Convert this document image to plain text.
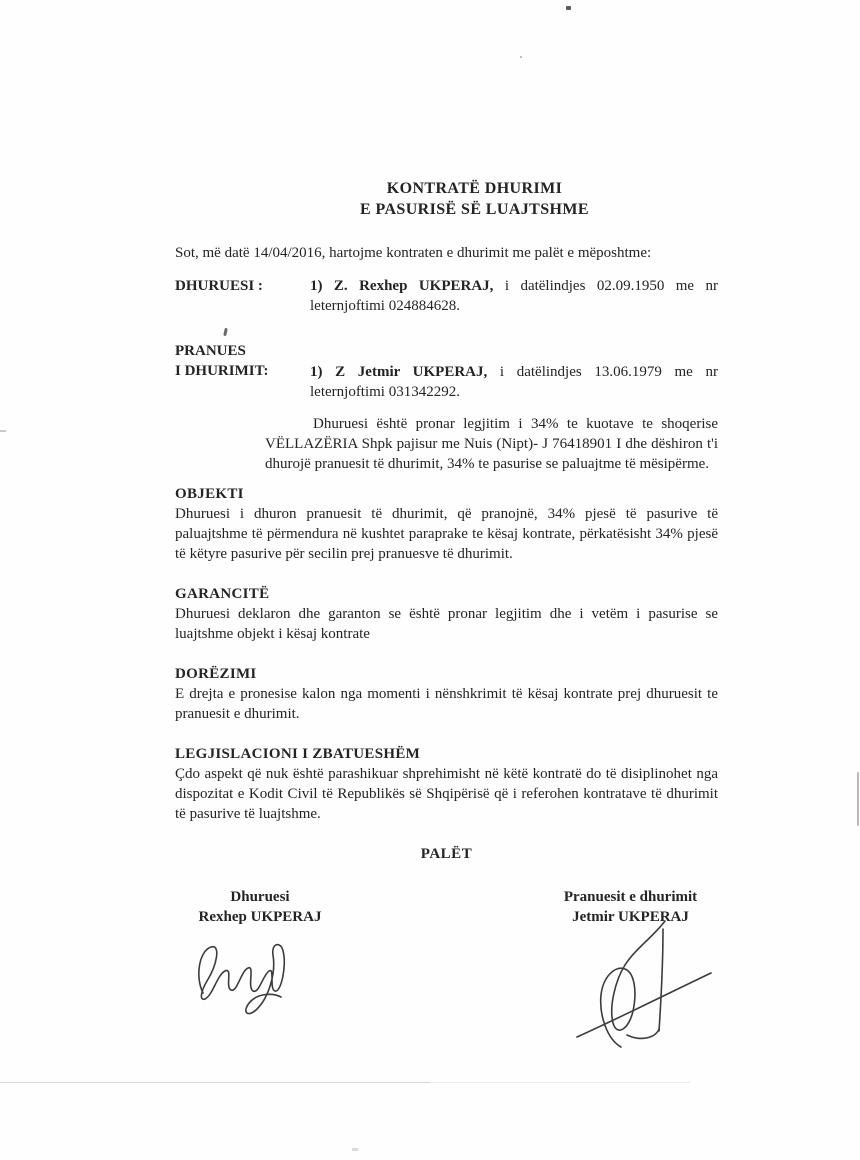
KONTRATË DHURIMI
E PASURISË SË LUAJTSHME

Sot, më datë 14/04/2016, hartojme kontraten e dhurimit me palët e mëposhtme:

DHURUESI :	1) Z. Rexhep UKPERAJ, i datëlindjes 02.09.1950 me nr leternjoftimi 024884628.
PRANUES
I DHURIMIT:	1) Z Jetmir UKPERAJ, i datëlindjes 13.06.1979 me nr leternjoftimi 031342292.

Dhuruesi është pronar legjitim i 34% te kuotave te shoqerise VËLLAZËRIA Shpk pajisur me Nuis (Nipt)- J 76418901 I dhe dëshiron t'i dhurojë pranuesit të dhurimit, 34% te pasurise se paluajtme të mësipërme.

OBJEKTI

Dhuruesi i dhuron pranuesit të dhurimit, që pranojnë, 34% pjesë të pasurive të paluajtshme të përmendura në kushtet paraprake te kësaj kontrate, përkatësisht 34% pjesë të këtyre pasurive për secilin prej pranuesve të dhurimit.

GARANCITË

Dhuruesi deklaron dhe garanton se është pronar legjitim dhe i vetëm i pasurise se luajtshme objekt i kësaj kontrate

DORËZIMI

E drejta e pronesise kalon nga momenti i nënshkrimit të kësaj kontrate prej dhuruesit te pranuesit e dhurimit.

LEGJISLACIONI I ZBATUESHËM

Çdo aspekt që nuk është parashikuar shprehimisht në këtë kontratë do të disiplinohet nga dispozitat e Kodit Civil të Republikës së Shqipërisë që i referohen kontratave të dhurimit të pasurive të luajtshme.

PALËT
Dhuruesi
Rexhep UKPERAJ
Pranuesit e dhurimit
Jetmir UKPERAJ
